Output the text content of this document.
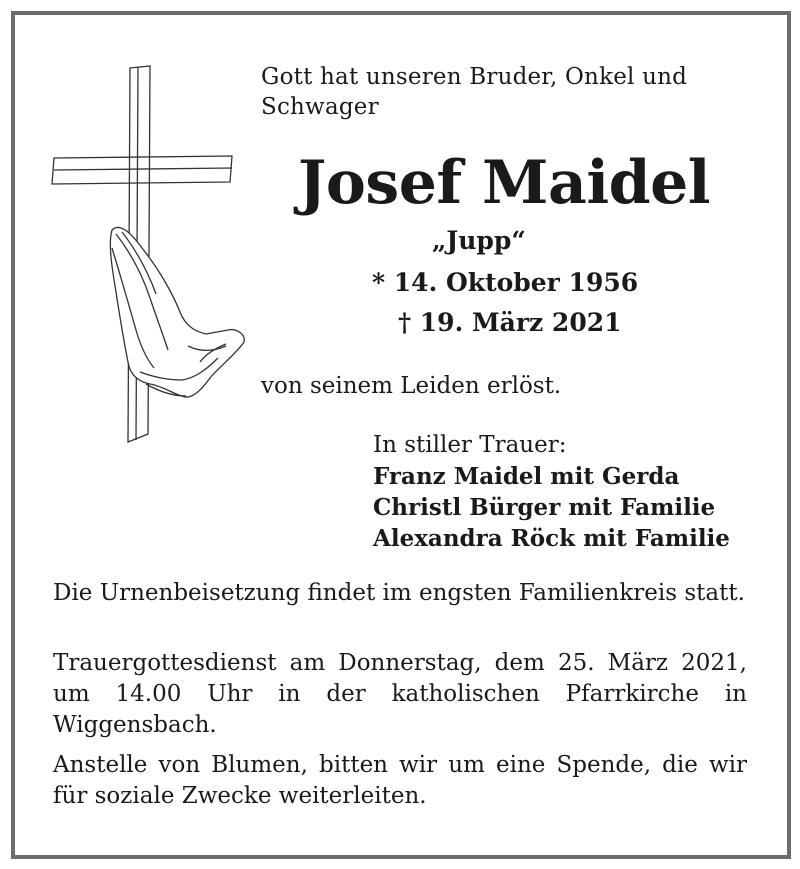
Gott hat unseren Bruder, Onkel und
Schwager
Josef Maidel
„Jupp“
* 14. Oktober 1956
† 19. März 2021
von seinem Leiden erlöst.
In stiller Trauer:
Franz Maidel mit Gerda
Christl Bürger mit Familie
Alexandra Röck mit Familie

Die Urnenbeisetzung findet im engsten Familienkreis statt.

Trauergottesdienst am Donnerstag, dem 25. März 2021, um 14.00 Uhr in der katholischen Pfarrkirche in Wiggensbach.

Anstelle von Blumen, bitten wir um eine Spende, die wir für soziale Zwecke weiterleiten.
